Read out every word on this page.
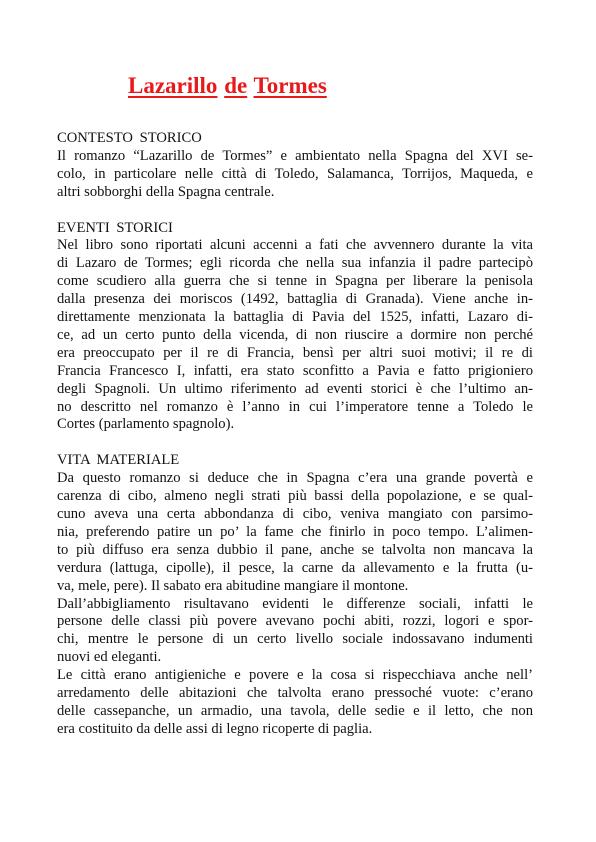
Lazarillo de Tormes
CONTESTO STORICO
Il romanzo “Lazarillo de Tormes” e ambientato nella Spagna del XVI se-
colo, in particolare nelle città di Toledo, Salamanca, Torrijos, Maqueda, e
altri sobborghi della Spagna centrale.
EVENTI STORICI
Nel libro sono riportati alcuni accenni a fati che avvennero durante la vita
di Lazaro de Tormes; egli ricorda che nella sua infanzia il padre partecipò
come scudiero alla guerra che si tenne in Spagna per liberare la penisola
dalla presenza dei moriscos (1492, battaglia di Granada). Viene anche in-
direttamente menzionata la battaglia di Pavia del 1525, infatti, Lazaro di-
ce, ad un certo punto della vicenda, di non riuscire a dormire non perché
era preoccupato per il re di Francia, bensì per altri suoi motivi; il re di
Francia Francesco I, infatti, era stato sconfitto a Pavia e fatto prigioniero
degli Spagnoli. Un ultimo riferimento ad eventi storici è che l’ultimo an-
no descritto nel romanzo è l’anno in cui l’imperatore tenne a Toledo le
Cortes (parlamento spagnolo).
VITA MATERIALE
Da questo romanzo si deduce che in Spagna c’era una grande povertà e
carenza di cibo, almeno negli strati più bassi della popolazione, e se qual-
cuno aveva una certa abbondanza di cibo, veniva mangiato con parsimo-
nia, preferendo patire un po’ la fame che finirlo in poco tempo. L’alimen-
to più diffuso era senza dubbio il pane, anche se talvolta non mancava la
verdura (lattuga, cipolle), il pesce, la carne da allevamento e la frutta (u-
va, mele, pere). Il sabato era abitudine mangiare il montone.
Dall’abbigliamento risultavano evidenti le differenze sociali, infatti le
persone delle classi più povere avevano pochi abiti, rozzi, logori e spor-
chi, mentre le persone di un certo livello sociale indossavano indumenti
nuovi ed eleganti.
Le città erano antigieniche e povere e la cosa si rispecchiava anche nell’
arredamento delle abitazioni che talvolta erano pressoché vuote: c’erano
delle cassepanche, un armadio, una tavola, delle sedie e il letto, che non
era costituito da delle assi di legno ricoperte di paglia.
